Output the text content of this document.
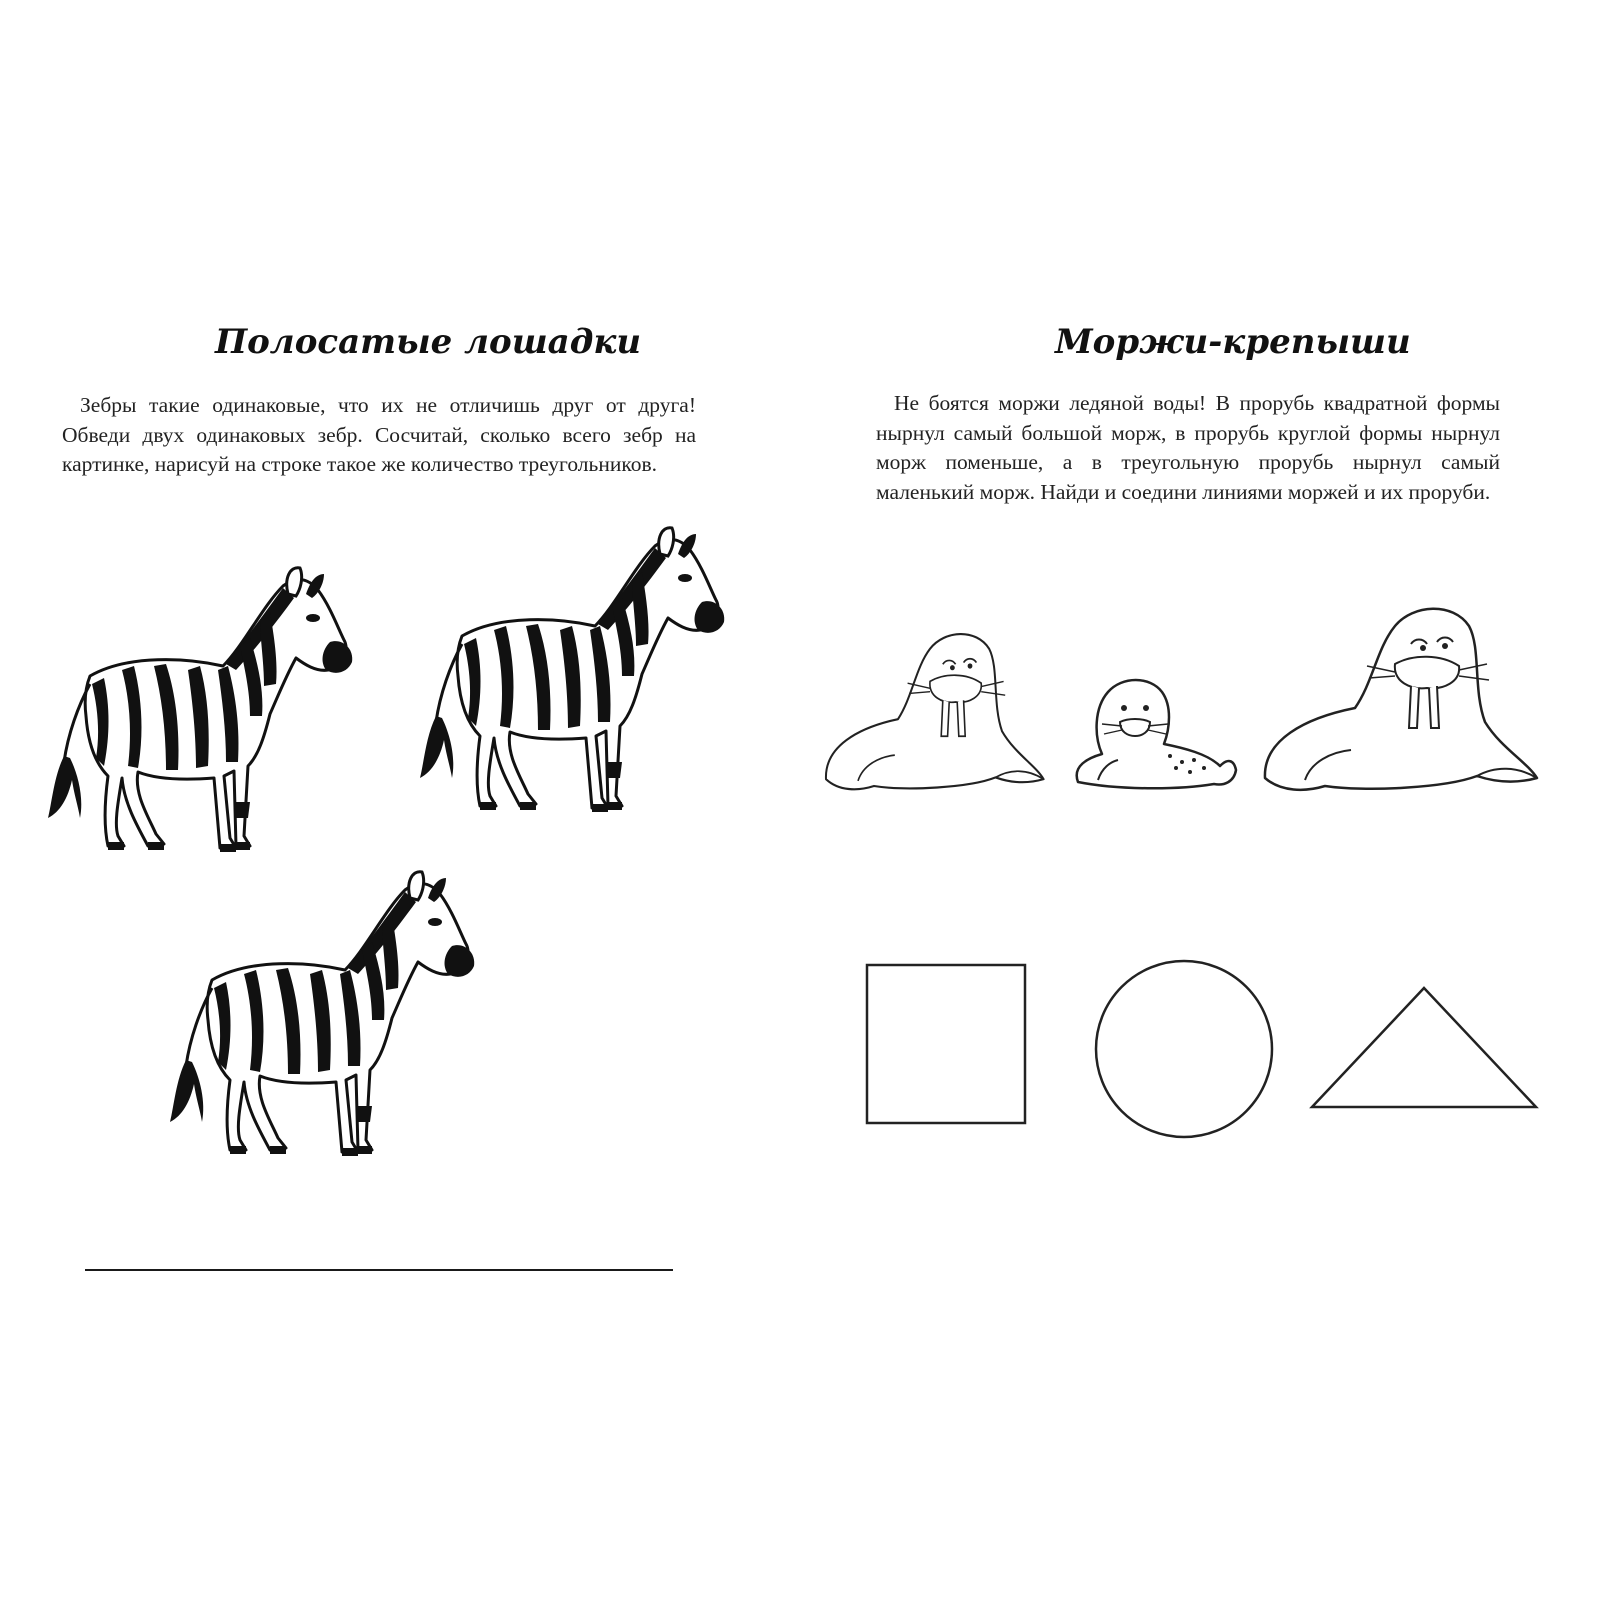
Полосатые лошадки

Зебры такие одинаковые, что их не отличишь друг от друга! Обведи двух одинаковых зебр. Сосчитай, сколько всего зебр на картинке, нарисуй на строке такое же количество треугольников.

Моржи-крепыши

Не боятся моржи ледяной воды! В прорубь квадратной формы нырнул самый большой морж, в прорубь круглой формы нырнул морж поменьше, а в треугольную прорубь нырнул самый маленький морж. Найди и соедини линиями моржей и их проруби.
